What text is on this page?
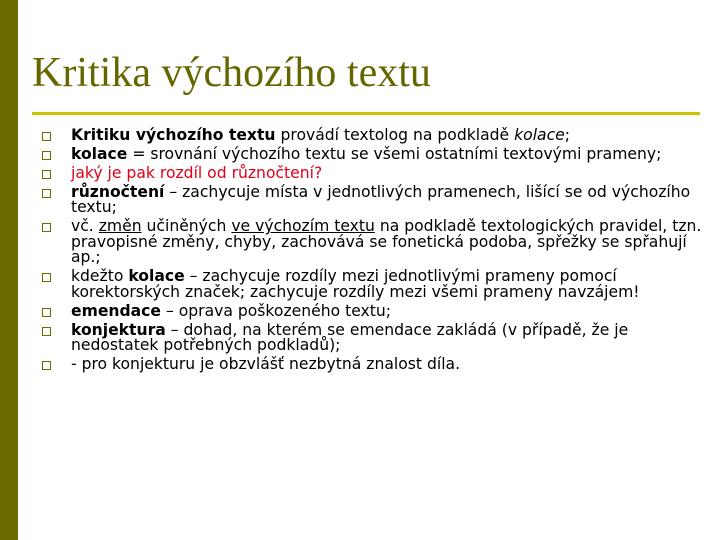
Kritika výchozího textu
Kritiku výchozího textu provádí textolog na podkladě kolace;
kolace = srovnání výchozího textu se všemi ostatními textovými prameny;
jaký je pak rozdíl od různočtení?
různočtení – zachycuje místa v jednotlivých pramenech, lišící se od výchozího textu;
vč. změn učiněných ve výchozím textu na podkladě textologických pravidel, tzn. pravopisné změny, chyby, zachovává se fonetická podoba, spřežky se spřahují ap.;
kdežto kolace – zachycuje rozdíly mezi jednotlivými prameny pomocí korektorských značek; zachycuje rozdíly mezi všemi prameny navzájem!
emendace – oprava poškozeného textu;
konjektura – dohad, na kterém se emendace zakládá (v případě, že je nedostatek potřebných podkladů);
- pro konjekturu je obzvlášť nezbytná znalost díla.
